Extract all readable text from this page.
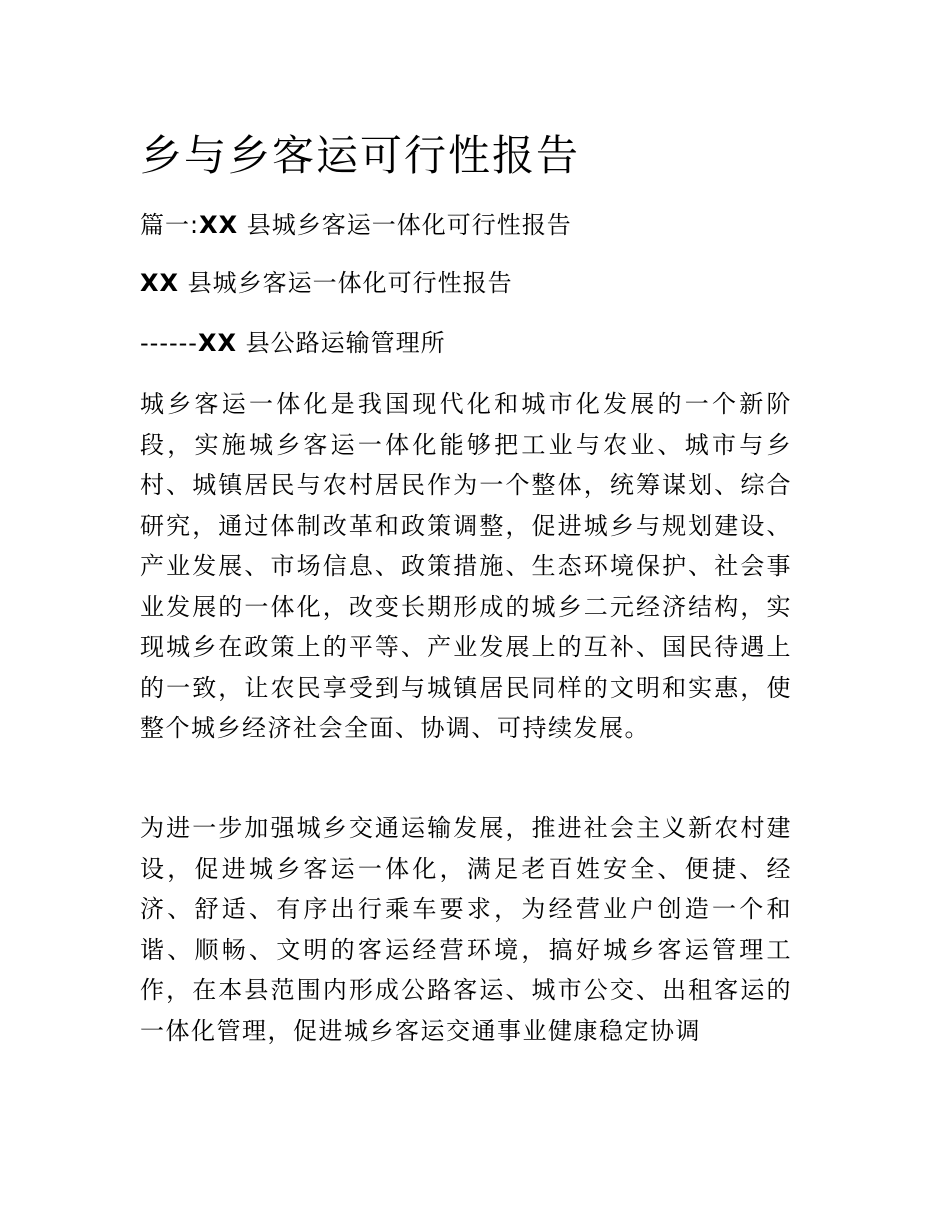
乡与乡客运可行性报告

篇一:XX 县城乡客运一体化可行性报告

XX 县城乡客运一体化可行性报告

------XX 县公路运输管理所

城乡客运一体化是我国现代化和城市化发展的一个新阶段，实施城乡客运一体化能够把工业与农业、城市与乡村、城镇居民与农村居民作为一个整体，统筹谋划、综合研究，通过体制改革和政策调整，促进城乡与规划建设、产业发展、市场信息、政策措施、生态环境保护、社会事业发展的一体化，改变长期形成的城乡二元经济结构，实现城乡在政策上的平等、产业发展上的互补、国民待遇上的一致，让农民享受到与城镇居民同样的文明和实惠，使整个城乡经济社会全面、协调、可持续发展。

为进一步加强城乡交通运输发展，推进社会主义新农村建设，促进城乡客运一体化，满足老百姓安全、便捷、经济、舒适、有序出行乘车要求，为经营业户创造一个和谐、顺畅、文明的客运经营环境，搞好城乡客运管理工作，在本县范围内形成公路客运、城市公交、出租客运的一体化管理，促进城乡客运交通事业健康稳定协调
